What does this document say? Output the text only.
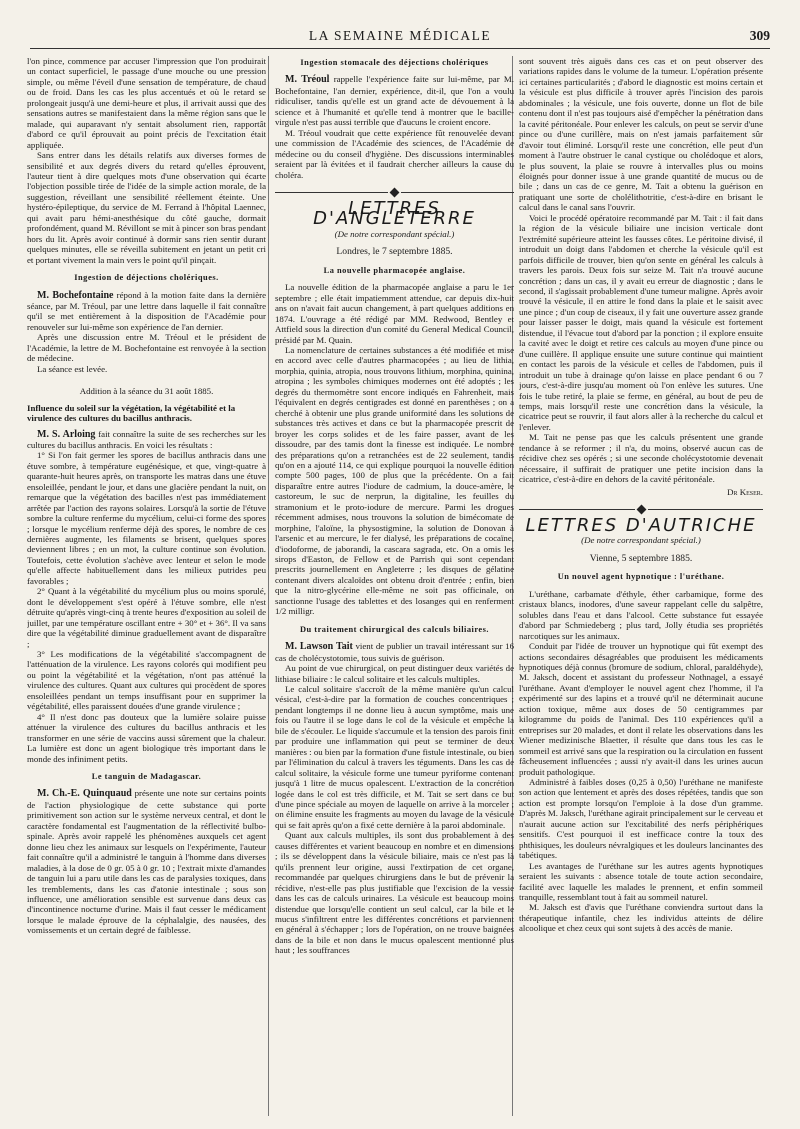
LA SEMAINE MÉDICALE	309

l'on pince, commence par accuser l'impression que l'on produirait un contact superficiel, le passage d'une mouche ou une pression simple, ou même l'éveil d'une sensation de température, de chaud ou de froid. Dans les cas les plus accentués et où le retard se prolongeait jusqu'à une demi-heure et plus, il arrivait aussi que des sensations autres se manifestaient dans la même région sans que le malade, qui auparavant n'y sentait absolument rien, rapportât d'abord ce qu'il éprouvait au point précis de l'excitation était appliquée.

Sans entrer dans les détails relatifs aux diverses formes de sensibilité et aux degrés divers du retard qu'elles éprouvent, l'auteur tient à dire quelques mots d'une observation qui écarte l'objection possible tirée de l'idée de la simple action morale, de la suggestion, réveillant une sensibilité réellement éteinte. Une hystéro-épileptique, du service de M. Ferrand à l'hôpital Laennec, qui avait paru hémi-anesthésique du côté gauche, dormait profondément, quand M. Révillont se mit à pincer son bras pendant hors du lit. Après avoir continué à dormir sans rien sentir durant quelques minutes, elle se réveilla subitement en jetant un petit cri et portant vivement la main vers le point qu'il pinçait.

Ingestion de déjections cholériques.

M. Bochefontaine répond à la motion faite dans la dernière séance, par M. Tréoul, par une lettre dans laquelle il fait connaître qu'il se met entièrement à la disposition de l'Académie pour renouveler sur lui-même son expérience de l'an dernier.

Après une discussion entre M. Tréoul et le président de l'Académie, la lettre de M. Bochefontaine est renvoyée à la section de médecine.

La séance est levée.

Addition à la séance du 31 août 1885.

Influence du soleil sur la végétation, la végétabilité et la virulence des cultures du bacillus anthracis.

M. S. Arloing fait connaître la suite de ses recherches sur les cultures du bacillus anthracis. En voici les résultats :

1° Si l'on fait germer les spores de bacillus anthracis dans une étuve sombre, à température eugénésique, et que, vingt-quatre à quarante-huit heures après, on transporte les matras dans une étuve ensoleillée, pendant le jour, et dans une glacière pendant la nuit, on remarque que la végétation des bacilles n'est pas immédiatement arrêtée par l'action des rayons solaires. Lorsqu'à la sortie de l'étuve sombre la culture renferme du mycélium, celui-ci forme des spores ; lorsque le mycélium renferme déjà des spores, le nombre de ces dernières augmente, les filaments se brisent, quelques spores deviennent libres ; en un mot, la culture continue son évolution. Toutefois, cette évolution s'achève avec lenteur et selon le mode qu'elle affecte habituellement dans les milieux putrides peu favorables ;

2° Quant à la végétabilité du mycélium plus ou moins sporulé, dont le développement s'est opéré à l'étuve sombre, elle n'est détruite qu'après vingt-cinq à trente heures d'exposition au soleil de juillet, par une température oscillant entre + 30° et + 36°. Il va sans dire que la végétabilité diminue graduellement avant de disparaître ;

3° Les modifications de la végétabilité s'accompagnent de l'atténuation de la virulence. Les rayons colorés qui modifient peu ou point la végétabilité et la végétation, n'ont pas atténué la virulence des cultures. Quant aux cultures qui procèdent de spores ensoleillées pendant un temps insuffisant pour en supprimer la végétabilité, elles paraissent douées d'une grande virulence ;

4° Il n'est donc pas douteux que la lumière solaire puisse atténuer la virulence des cultures du bacillus anthracis et les transformer en une série de vaccins aussi sûrement que la chaleur. La lumière est donc un agent biologique très important dans le monde des infiniment petits.

Le tanguin de Madagascar.

M. Ch.-E. Quinquaud présente une note sur certains points de l'action physiologique de cette substance qui porte primitivement son action sur le système nerveux central, et dont le caractère fondamental est l'augmentation de la réflectivité bulbo-spinale. Après avoir rappelé les phénomènes auxquels cet agent donne lieu chez les animaux sur lesquels on l'expérimente, l'auteur fait connaître qu'il a administré le tanguin à l'homme dans diverses maladies, à la dose de 0 gr. 05 à 0 gr. 10 ; l'extrait mixte d'amandes de tanguin lui a paru utile dans les cas de paralysies toxiques, dans les tremblements, dans les cas d'atonie intestinale ; sous son influence, une amélioration sensible est survenue dans deux cas d'incontinence nocturne d'urine. Mais il faut cesser le médicament lorsque le malade éprouve de la céphalalgie, des nausées, des vomissements et un certain degré de faiblesse.

Ingestion stomacale des déjections cholériques

M. Tréoul rappelle l'expérience faite sur lui-même, par M. Bochefontaine, l'an dernier, expérience, dit-il, que l'on a voulu ridiculiser, tandis qu'elle est un grand acte de dévouement à la science et à l'humanité et qu'elle tend à montrer que le bacille-virgule n'est pas aussi terrible que d'aucuns le croient encore.

M. Tréoul voudrait que cette expérience fût renouvelée devant une commission de l'Académie des sciences, de l'Académie de médecine ou du conseil d'hygiène. Des discussions interminables seraient par là évitées et il faudrait chercher ailleurs la cause du choléra.

LETTRES D'ANGLETERRE
(De notre correspondant spécial.)
Londres, le 7 septembre 1885.
La nouvelle pharmacopée anglaise.

La nouvelle édition de la pharmacopée anglaise a paru le 1er septembre ; elle était impatiemment attendue, car depuis dix-huit ans on n'avait fait aucun changement, à part quelques additions en 1874. L'ouvrage a été rédigé par MM. Redwood, Bentley et Attfield sous la direction d'un comité du General Medical Council, présidé par M. Quain.

La nomenclature de certaines substances a été modifiée et mise en accord avec celle d'autres pharmacopées ; au lieu de lithia, morphia, quinia, atropia, nous trouvons lithium, morphina, quinina, atropina ; les symboles chimiques modernes ont été adoptés ; les degrés du thermomètre sont encore indiqués en Fahrenheit, mais l'équivalent en degrés centigrades est donné en parenthèses ; on a cherché à obtenir une plus grande uniformité dans les solutions de substances très actives et dans ce but la pharmacopée prescrit de broyer les corps solides et de les faire passer, avant de les dissoudre, par des tamis dont la finesse est indiquée. Le nombre des préparations qu'on a retranchées est de 22 seulement, tandis qu'on en a ajouté 114, ce qui explique pourquoi la nouvelle édition compte 500 pages, 100 de plus que la précédente. On a fait disparaître entre autres l'iodure de cadmium, la douce-amère, le castoreum, le suc de nerprun, la digitaline, les feuilles du stramonium et le proto-iodure de mercure. Parmi les drogues récemment admises, nous trouvons la solution de bimécomate de morphine, l'aloïne, la physostigmine, la solution de Donovan à l'arsenic et au mercure, le fer dialysé, les préparations de cocaïne, d'iodoforme, de jaborandi, la cascara sagrada, etc. On a omis les sirops d'Easton, de Fellow et de Parrish qui sont cependant prescrits journellement en Angleterre ; les disques de gélatine contenant divers alcaloïdes ont obtenu droit d'entrée ; enfin, bien que la nitro-glycérine elle-même ne soit pas officinale, on sanctionne l'usage des tablettes et des losanges qui en renferment 1/2 milligr.

Du traitement chirurgical des calculs biliaires.

M. Lawson Tait vient de publier un travail intéressant sur 16 cas de cholécystotomie, tous suivis de guérison.

Au point de vue chirurgical, on peut distinguer deux variétés de lithiase biliaire : le calcul solitaire et les calculs multiples.

Le calcul solitaire s'accroît de la même manière qu'un calcul vésical, c'est-à-dire par la formation de couches concentriques ; pendant longtemps il ne donne lieu à aucun symptôme, mais une fois ou l'autre il se loge dans le col de la vésicule et empêche la bile de s'écouler. Le liquide s'accumule et la tension des parois finit par produire une inflammation qui peut se terminer de deux manières : ou bien par la formation d'une fistule intestinale, ou bien par l'élimination du calcul à travers les téguments. Dans les cas de calcul solitaire, la vésicule forme une tumeur pyriforme contenant jusqu'à 1 litre de mucus opalescent. L'extraction de la concrétion logée dans le col est très difficile, et M. Tait se sert dans ce but d'une pince spéciale au moyen de laquelle on arrive à la morceler ; on élimine ensuite les fragments au moyen du lavage de la vésicule qui se fait après qu'on a fixé cette dernière à la paroi abdominale.

Quant aux calculs multiples, ils sont dus probablement à des causes différentes et varient beaucoup en nombre et en dimensions ; ils se développent dans la vésicule biliaire, mais ce n'est pas là qu'ils prennent leur origine, aussi l'extirpation de cet organe, recommandée par quelques chirurgiens dans le but de prévenir la récidive, n'est-elle pas plus justifiable que l'excision de la vessie dans les cas de calculs urinaires. La vésicule est beaucoup moins distendue que lorsqu'elle contient un seul calcul, car la bile et le mucus s'infiltrent entre les différentes concrétions et parviennent en général à s'échapper ; lors de l'opération, on ne trouve baignées dans de la bile et non dans le mucus opalescent mentionné plus haut ; les souffrances

sont souvent très aiguës dans ces cas et on peut observer des variations rapides dans le volume de la tumeur. L'opération présente ici certaines particularités ; d'abord le diagnostic est moins certain et la vésicule est plus difficile à trouver après l'incision des parois abdominales ; la vésicule, une fois ouverte, donne un flot de bile contenu dont il n'est pas toujours aisé d'empêcher la pénétration dans la cavité péritonéale. Pour enlever les calculs, on peut se servir d'une pince ou d'une curillère, mais on n'est jamais parfaitement sûr d'avoir tout éliminé. Lorsqu'il reste une concrétion, elle peut d'un moment à l'autre obstruer le canal cystique ou cholédoque et alors, le plus souvent, la plaie se rouvre à intervalles plus ou moins éloignés pour donner issue à une grande quantité de mucus ou de bile ; dans un cas de ce genre, M. Tait a obtenu la guérison en pratiquant une sorte de cholélithotritie, c'est-à-dire en brisant le calcul dans le canal sans l'ouvrir.

Voici le procédé opératoire recommandé par M. Tait : il fait dans la région de la vésicule biliaire une incision verticale dont l'extrémité supérieure atteint les fausses côtes. Le péritoine divisé, il introduit un doigt dans l'abdomen et cherche la vésicule qu'il est parfois difficile de trouver, bien qu'on sente en général les calculs à travers les parois. Deux fois sur seize M. Tait n'a trouvé aucune concrétion ; dans un cas, il y avait eu erreur de diagnostic ; dans le second, il s'agissait probablement d'une tumeur maligne. Après avoir trouvé la vésicule, il en attire le fond dans la plaie et le saisit avec une pince ; d'un coup de ciseaux, il y fait une ouverture assez grande pour laisser passer le doigt, mais quand la vésicule est fortement distendue, il l'évacue tout d'abord par la ponction ; il explore ensuite la cavité avec le doigt et retire ces calculs au moyen d'une pince ou d'une cuillère. Il applique ensuite une suture continue qui maintient en contact les parois de la vésicule et celles de l'abdomen, puis il introduit un tube à drainage qu'on laisse en place pendant 6 ou 7 jours, c'est-à-dire jusqu'au moment où l'on enlève les sutures. Une fois le tube retiré, la plaie se ferme, en général, au bout de peu de temps, mais lorsqu'il reste une concrétion dans la vésicule, la cicatrice peut se rouvrir, il faut alors aller à la recherche du calcul et l'enlever.

M. Tait ne pense pas que les calculs présentent une grande tendance à se reformer ; il n'a, du moins, observé aucun cas de récidive chez ses opérés ; si une seconde cholécystotomie devenait nécessaire, il suffirait de pratiquer une petite incision dans la cicatrice, c'est-à-dire en dehors de la cavité péritonéale.

Dr Keser.

LETTRES D'AUTRICHE
(De notre correspondant spécial.)
Vienne, 5 septembre 1885.
Un nouvel agent hypnotique : l'uréthane.

L'uréthane, carbamate d'éthyle, éther carbamique, forme des cristaux blancs, inodores, d'une saveur rappelant celle du salpêtre, solubles dans l'eau et dans l'alcool. Cette substance fut essayée d'abord par Schmiedeberg ; plus tard, Jolly étudia ses propriétés narcotiques sur les animaux.

Conduit par l'idée de trouver un hypnotique qui fût exempt des actions secondaires désagréables que produisent les médicaments hypnotiques déjà connus (bromure de sodium, chloral, paraldéhyde), M. Jaksch, docent et assistant du professeur Nothnagel, a essayé l'uréthane. Avant d'employer le nouvel agent chez l'homme, il l'a expérimenté sur des lapins et a trouvé qu'il ne déterminait aucune action toxique, même aux doses de 50 centigrammes par kilogramme du poids de l'animal. Des 110 expériences qu'il a entreprises sur 20 malades, et dont il relate les observations dans les Wiener medizinische Blaetter, il résulte que dans tous les cas le sommeil est arrivé sans que la respiration ou la circulation en fussent fâcheusement influencées ; aussi n'y avait-il dans les urines aucun produit pathologique.

Administré à faibles doses (0,25 à 0,50) l'uréthane ne manifeste son action que lentement et après des doses répétées, tandis que son action est prompte lorsqu'on l'emploie à la dose d'un gramme. D'après M. Jaksch, l'uréthane agirait principalement sur le cerveau et n'aurait aucune action sur l'excitabilité des nerfs périphériques sensitifs. C'est pourquoi il est inefficace contre la toux des phthisiques, les douleurs névralgiques et les douleurs lancinantes des tabétiques.

Les avantages de l'uréthane sur les autres agents hypnotiques seraient les suivants : absence totale de toute action secondaire, facilité avec laquelle les malades le prennent, et enfin sommeil tranquille, ressemblant tout à fait au sommeil naturel.

M. Jaksch est d'avis que l'uréthane conviendra surtout dans la thérapeutique infantile, chez les individus atteints de délire alcoolique et chez ceux qui sont sujets à des accès de manie.
